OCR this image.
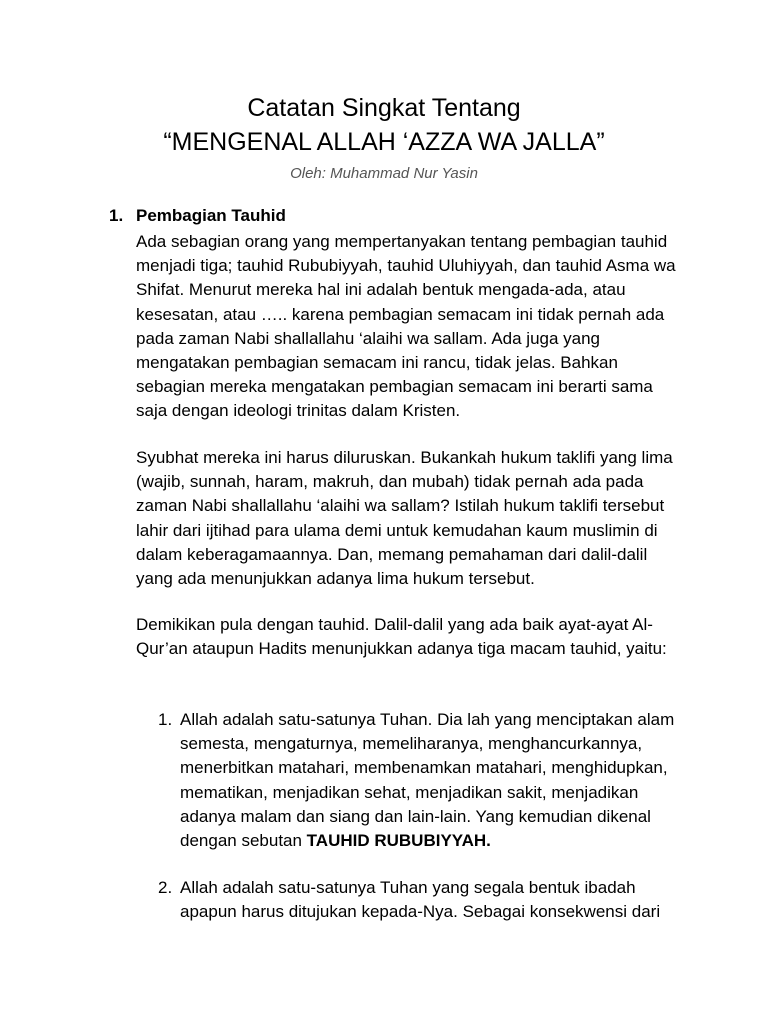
Catatan Singkat Tentang
“MENGENAL ALLAH ‘AZZA WA JALLA”
Oleh: Muhammad Nur Yasin
1. Pembagian Tauhid

Ada sebagian orang yang mempertanyakan tentang pembagian tauhid menjadi tiga; tauhid Rububiyyah, tauhid Uluhiyyah, dan tauhid Asma wa Shifat. Menurut mereka hal ini adalah bentuk mengada-ada, atau kesesatan, atau ….. karena pembagian semacam ini tidak pernah ada pada zaman Nabi shallallahu ‘alaihi wa sallam. Ada juga yang mengatakan pembagian semacam ini rancu, tidak jelas. Bahkan sebagian mereka mengatakan pembagian semacam ini berarti sama saja dengan ideologi trinitas dalam Kristen.

Syubhat mereka ini harus diluruskan. Bukankah hukum taklifi yang lima (wajib, sunnah, haram, makruh, dan mubah) tidak pernah ada pada zaman Nabi shallallahu ‘alaihi wa sallam? Istilah hukum taklifi tersebut lahir dari ijtihad para ulama demi untuk kemudahan kaum muslimin di dalam keberagamaannya. Dan, memang pemahaman dari dalil-dalil yang ada menunjukkan adanya lima hukum tersebut.

Demikikan pula dengan tauhid. Dalil-dalil yang ada baik ayat-ayat Al-Qur’an ataupun Hadits menunjukkan adanya tiga macam tauhid, yaitu:

1. Allah adalah satu-satunya Tuhan. Dia lah yang menciptakan alam semesta, mengaturnya, memeliharanya, menghancurkannya, menerbitkan matahari, membenamkan matahari, menghidupkan, mematikan, menjadikan sehat, menjadikan sakit, menjadikan adanya malam dan siang dan lain-lain. Yang kemudian dikenal dengan sebutan TAUHID RUBUBIYYAH.

2. Allah adalah satu-satunya Tuhan yang segala bentuk ibadah apapun harus ditujukan kepada-Nya. Sebagai konsekwensi dari
